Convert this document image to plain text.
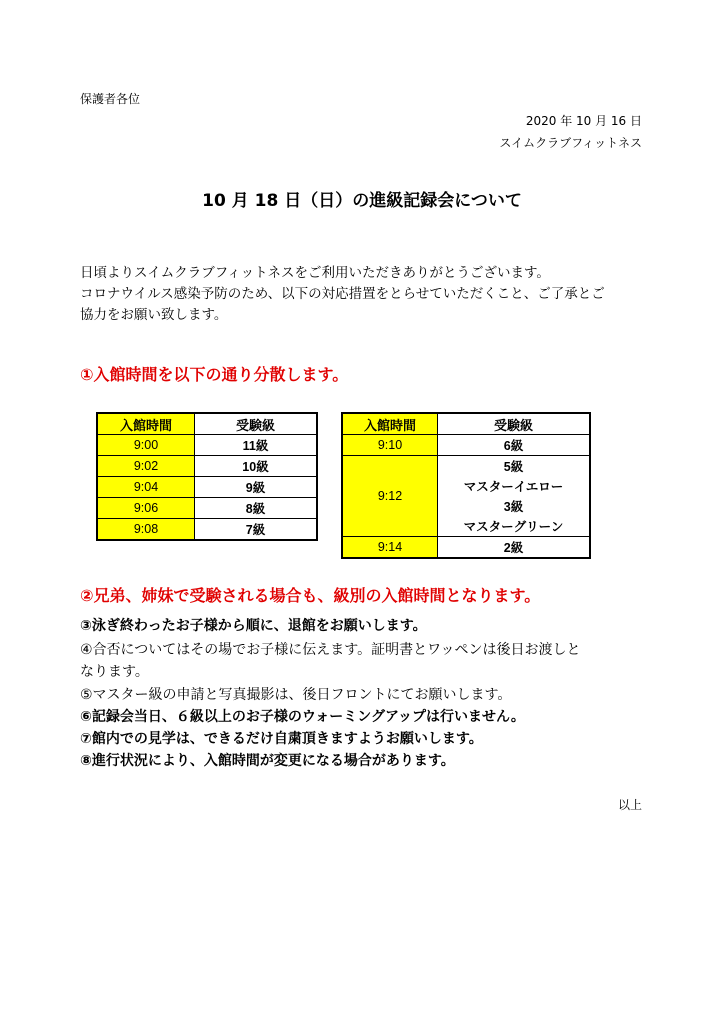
保護者各位
2020 年 10 月 16 日
スイムクラブフィットネス
10 月 18 日（日）の進級記録会について
日頃よりスイムクラブフィットネスをご利用いただきありがとうございます。
コロナウイルス感染予防のため、以下の対応措置をとらせていただくこと、ご了承とご
協力をお願い致します。
①入館時間を以下の通り分散します。
入館時間	受験級
9:00	11級
9:02	10級
9:04	9級
9:06	8級
9:08	7級
入館時間	受験級
9:10	6級
9:12	5級
	マスターイエロー
	3級
	マスターグリーン
9:14	2級
②兄弟、姉妹で受験される場合も、級別の入館時間となります。
③泳ぎ終わったお子様から順に、退館をお願いします。
④合否についてはその場でお子様に伝えます。証明書とワッペンは後日お渡しと
なります。
⑤マスター級の申請と写真撮影は、後日フロントにてお願いします。
⑥記録会当日、６級以上のお子様のウォーミングアップは行いません。
⑦館内での見学は、できるだけ自粛頂きますようお願いします。
⑧進行状況により、入館時間が変更になる場合があります。
以上
